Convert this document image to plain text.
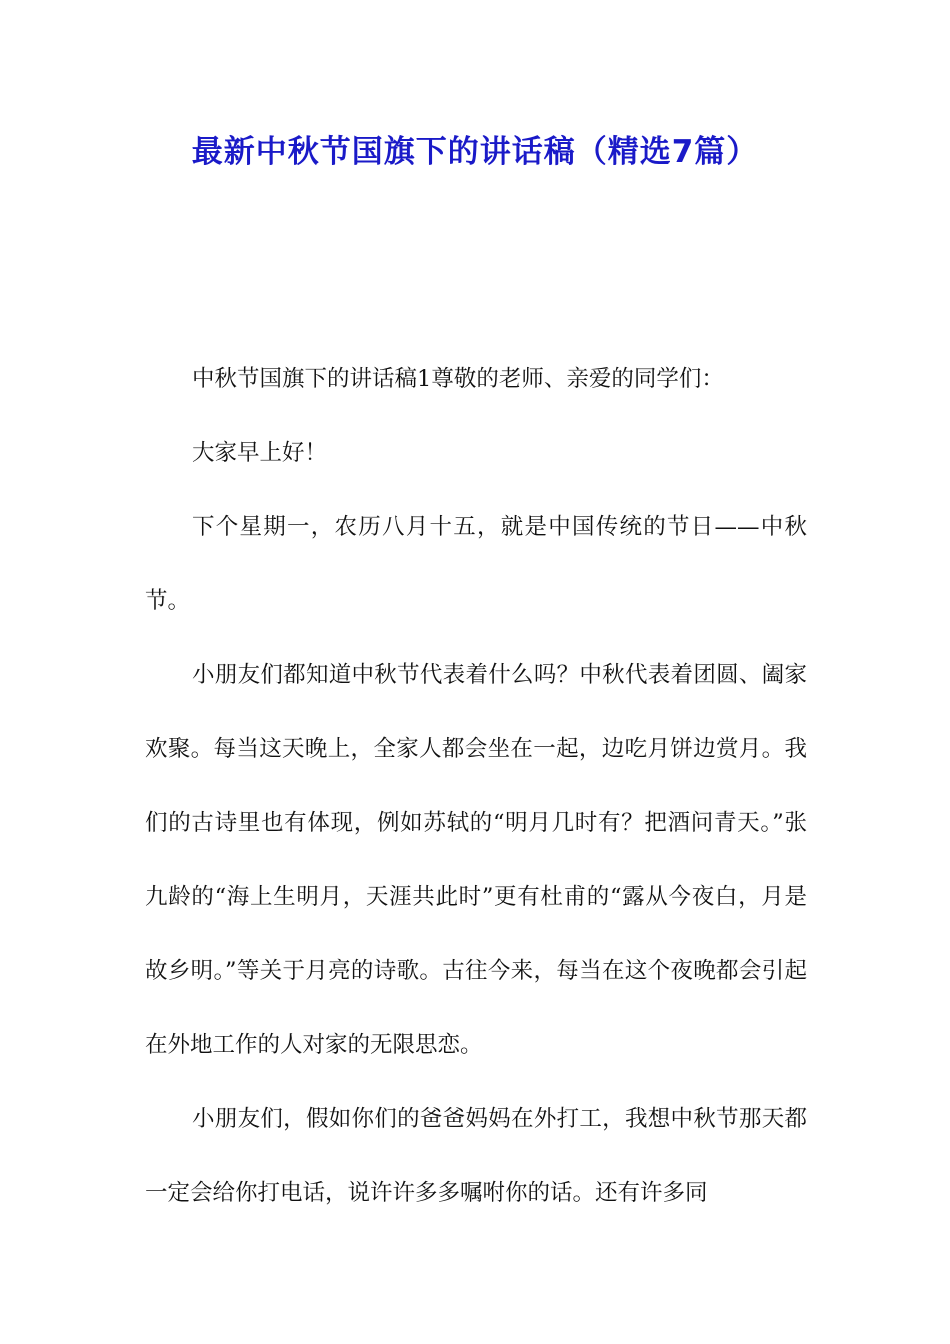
最新中秋节国旗下的讲话稿（精选7篇）

中秋节国旗下的讲话稿1尊敬的老师、亲爱的同学们：

大家早上好！

下个星期一，农历八月十五，就是中国传统的节日——中秋节。

小朋友们都知道中秋节代表着什么吗？中秋代表着团圆、阖家欢聚。每当这天晚上，全家人都会坐在一起，边吃月饼边赏月。我们的古诗里也有体现，例如苏轼的“明月几时有？把酒问青天。”张九龄的“海上生明月，天涯共此时”更有杜甫的“露从今夜白，月是故乡明。”等关于月亮的诗歌。古往今来，每当在这个夜晚都会引起在外地工作的人对家的无限思恋。

小朋友们，假如你们的爸爸妈妈在外打工，我想中秋节那天都一定会给你打电话，说许许多多嘱咐你的话。还有许多同
